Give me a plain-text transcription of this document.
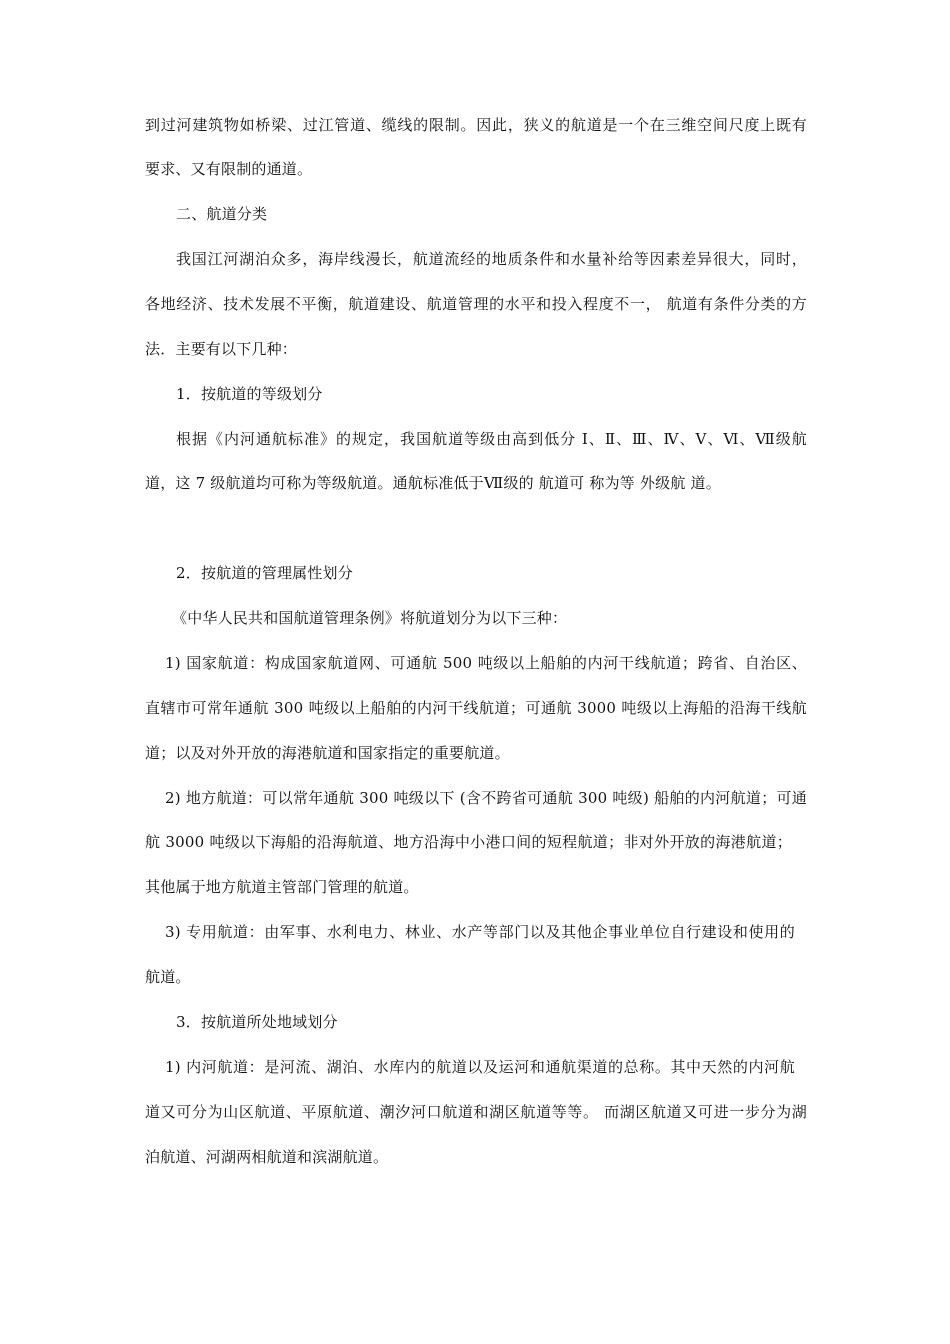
到过河建筑物如桥梁、过江管道、缆线的限制。因此，狭义的航道是一个在三维空间尺度上既有
要求、又有限制的通道。
二、航道分类
我国江河湖泊众多，海岸线漫长，航道流经的地质条件和水量补给等因素差异很大，同时，
各地经济、技术发展不平衡，航道建设、航道管理的水平和投入程度不一， 航道有条件分类的方
法．主要有以下几种：
1．按航道的等级划分
根据《内河通航标准》的规定，我国航道等级由高到低分 Ⅰ、Ⅱ、Ⅲ、Ⅳ、Ⅴ、Ⅵ、Ⅶ级航
道，这 7 级航道均可称为等级航道。通航标准低于Ⅶ级的 航道可 称为等 外级航 道。
2．按航道的管理属性划分
《中华人民共和国航道管理条例》将航道划分为以下三种：
1) 国家航道：构成国家航道网、可通航 500 吨级以上船舶的内河干线航道；跨省、自治区、
直辖市可常年通航 300 吨级以上船舶的内河干线航道；可通航 3000 吨级以上海船的沿海干线航
道；以及对外开放的海港航道和国家指定的重要航道。
2) 地方航道：可以常年通航 300 吨级以下 (含不跨省可通航 300 吨级) 船舶的内河航道；可通
航 3000 吨级以下海船的沿海航道、地方沿海中小港口间的短程航道；非对外开放的海港航道；
其他属于地方航道主管部门管理的航道。
3) 专用航道：由军事、水利电力、林业、水产等部门以及其他企事业单位自行建设和使用的
航道。
3．按航道所处地域划分
1) 内河航道：是河流、湖泊、水库内的航道以及运河和通航渠道的总称。其中天然的内河航
道又可分为山区航道、平原航道、潮汐河口航道和湖区航道等等。 而湖区航道又可进一步分为湖
泊航道、河湖两相航道和滨湖航道。
